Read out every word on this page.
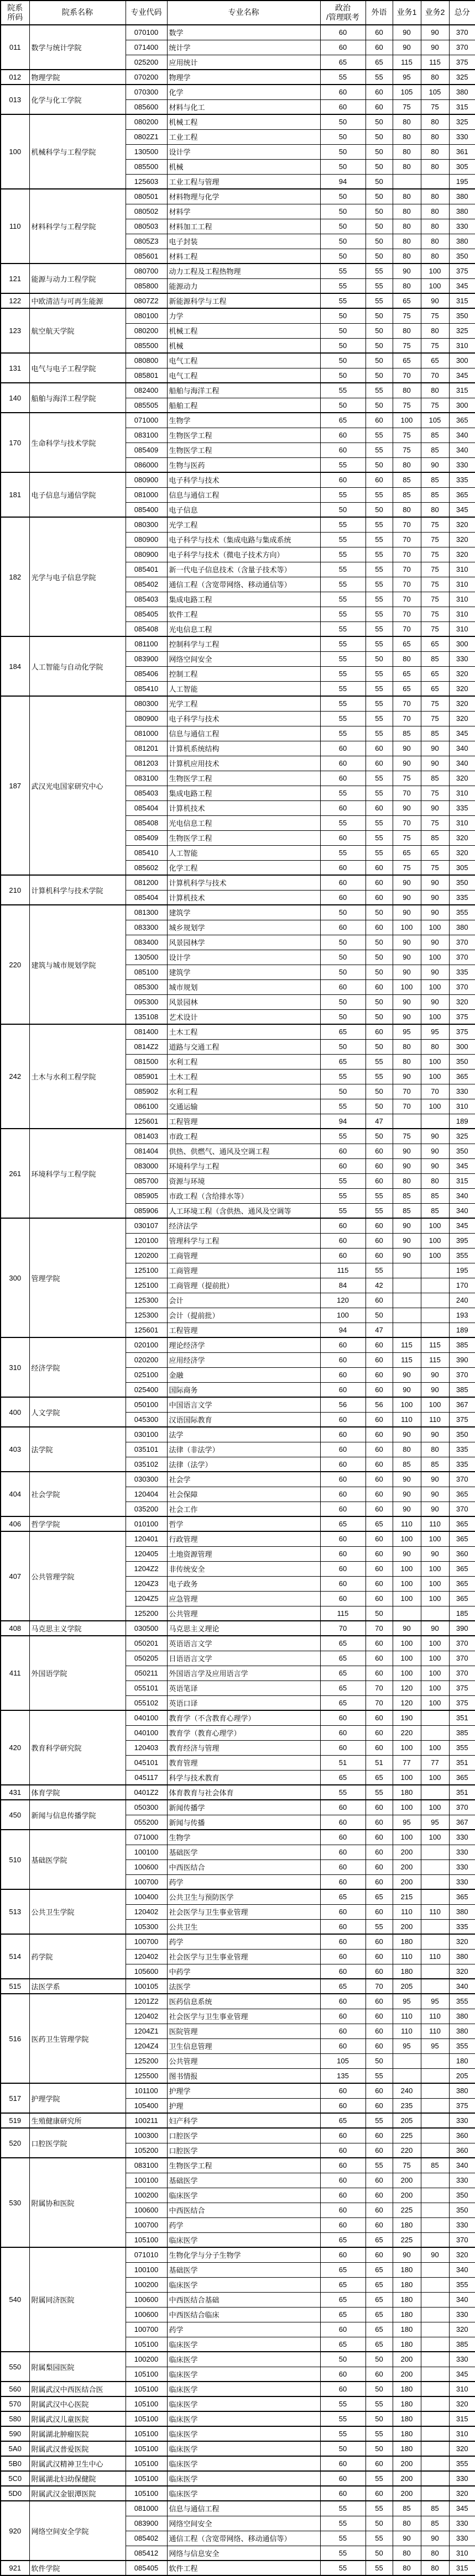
院系
所码	院系名称	专业代码	专业名称	政治
/管理联考	外语	业务1	业务2	总分
011	数学与统计学院	070100	数学	60	60	90	90	370
		071400	统计学	60	60	90	90	370
		025200	应用统计	65	65	115	115	375
012	物理学院	070200	物理学	55	55	95	80	325
013	化学与化工学院	070300	化学	60	60	105	105	380
		085600	材料与化工	60	60	75	75	315
100	机械科学与工程学院	080200	机械工程	50	50	80	80	325
		0802Z1	工业工程	50	50	80	80	330
		130500	设计学	50	50	80	80	361
		085500	机械	50	50	80	80	305
		125603	工业工程与管理	94	50			195
110	材料科学与工程学院	080501	材料物理与化学	50	50	80	80	380
		080502	材料学	50	50	80	80	380
		080503	材料加工工程	50	50	80	80	330
		0805Z3	电子封装	50	50	80	80	380
		085601	材料工程	50	50	80	80	350
121	能源与动力工程学院	080700	动力工程及工程热物理	55	55	90	100	375
		085800	能源动力	55	55	80	100	345
122	中欧清洁与可再生能源	0807Z2	新能源科学与工程	55	55	65	90	315
123	航空航天学院	080100	力学	50	50	75	75	350
		080200	机械工程	50	50	80	80	325
		085500	机械	50	50	75	75	310
131	电气与电子工程学院	080800	电气工程	50	50	65	65	300
		085801	电气工程	50	50	70	70	345
140	船舶与海洋工程学院	082400	船舶与海洋工程	55	55	80	80	315
		085505	船舶工程	50	50	75	75	300
170	生命科学与技术学院	071000	生物学	65	60	100	105	365
		083100	生物医学工程	60	55	75	85	340
		085409	生物医学工程	60	55	75	85	340
		086000	生物与医药	55	50	80	90	330
181	电子信息与通信学院	080900	电子科学与技术	60	60	85	85	335
		081000	信息与通信工程	55	55	85	85	365
		085400	电子信息	50	50	80	80	345
182	光学与电子信息学院	080300	光学工程	55	55	70	75	320
		080900	电子科学与技术（集成电路与集成系统	55	55	70	75	320
		080900	电子科学与技术（微电子技术方向）	55	55	70	75	320
		085401	新一代电子信息技术（含量子技术等）	55	55	70	75	310
		085402	通信工程（含宽带网络、移动通信等）	55	55	70	75	310
		085403	集成电路工程	55	55	70	75	310
		085405	软件工程	55	55	70	75	310
		085408	光电信息工程	55	55	70	75	310
184	人工智能与自动化学院	081100	控制科学与工程	55	55	65	65	300
		083900	网络空间安全	55	50	80	85	330
		085406	控制工程	55	55	65	65	320
		085410	人工智能	55	55	65	65	320
187	武汉光电国家研究中心	080300	光学工程	55	55	70	75	320
		080900	电子科学与技术	55	55	70	75	320
		081000	信息与通信工程	55	55	85	85	345
		081201	计算机系统结构	60	60	90	90	340
		081203	计算机应用技术	60	60	90	90	340
		083100	生物医学工程	60	55	75	85	320
		085403	集成电路工程	55	55	70	75	310
		085404	计算机技术	60	60	90	90	335
		085408	光电信息工程	55	55	70	75	310
		085409	生物医学工程	60	55	75	85	320
		085410	人工智能	55	55	65	65	320
		085602	化学工程	60	60	75	75	305
210	计算机科学与技术学院	081200	计算机科学与技术	60	60	90	90	350
		085404	计算机技术	60	60	90	90	335
220	建筑与城市规划学院	081300	建筑学	50	50	90	90	355
		083300	城乡规划学	60	60	100	100	380
		083400	风景园林学	50	50	90	90	370
		130500	设计学	50	50	90	100	370
		085100	建筑学	50	50	90	90	335
		085300	城市规划	60	60	100	100	370
		095300	风景园林	50	50	90	90	320
		135108	艺术设计	50	50	90	100	375
242	土木与水利工程学院	081400	土木工程	65	60	95	95	375
		0814Z2	道路与交通工程	50	50	80	80	300
		081500	水利工程	65	55	80	100	350
		085901	土木工程	55	55	90	100	365
		085902	水利工程	50	50	70	70	330
		086100	交通运输	55	50	70	100	310
		125601	工程管理	94	47			189
261	环境科学与工程学院	081403	市政工程	55	50	75	90	325
		081404	供热、供燃气、通风及空调工程	60	60	90	90	350
		083000	环境科学与工程	60	60	90	90	345
		085700	资源与环境	55	60	80	80	315
		085905	市政工程（含给排水等）	55	55	85	85	340
		085906	人工环境工程（含供热、通风及空调等	55	55	85	85	340
300	管理学院	030107	经济法学	60	60	90	100	345
		120100	管理科学与工程	60	60	90	100	395
		120200	工商管理	60	60	90	100	355
		125100	工商管理	115	55			195
		125100	工商管理（提前批）	84	42			170
		125300	会计	120	60			240
		125300	会计（提前批）	100	50			193
		125601	工程管理	94	47			189
310	经济学院	020100	理论经济学	60	60	115	115	385
		020200	应用经济学	60	60	115	115	390
		025100	金融	60	60	90	90	370
		025400	国际商务	60	60	90	90	385
400	人文学院	050100	中国语言文学	56	56	100	100	367
		045300	汉语国际教育	60	60	110	110	375
403	法学院	030100	法学	60	60	90	90	350
		035101	法律（非法学）	60	60	80	80	335
		035102	法律（法学）	60	60	85	85	335
404	社会学院	030300	社会学	60	60	90	90	370
		120404	社会保障	60	60	90	90	365
		035200	社会工作	60	60	90	90	370
406	哲学学院	010100	哲学	65	65	110	110	365
407	公共管理学院	120401	行政管理	60	60	100	100	365
		120405	土地资源管理	60	60	90	90	360
		1204Z2	非传统安全	60	60	100	100	365
		1204Z3	电子政务	60	60	100	100	365
		1204Z5	应急管理	60	60	100	100	365
		125200	公共管理	115	50			185
408	马克思主义学院	030500	马克思主义理论	70	70	90	90	390
411	外国语学院	050201	英语语言文学	65	60	100	100	370
		050205	日语语言文学	65	60	100	100	370
		050211	外国语言学及应用语言学	65	60	100	100	370
		055101	英语笔译	65	70	120	100	375
		055102	英语口译	65	70	120	100	375
420	教育科学研究院	040100	教育学（不含教育心理学）	60	60	190		351
		040100	教育学（教育心理学）	60	60	220		385
		120403	教育经济与管理	60	60	100	100	355
		045101	教育管理	51	51	77	77	351
		045117	科学与技术教育	65	65	100	100	365
431	体育学院	0401Z2	体育教育与社会体育	55	55	180		351
450	新闻与信息传播学院	050300	新闻传播学	60	60	100	100	370
		055200	新闻与传播	60	60	95	95	367
510	基础医学院	071000	生物学	60	60	100	100	330
		100100	基础医学	60	60	200		330
		100600	中西医结合	60	60	200		330
		100700	药学	60	60	200		330
513	公共卫生学院	100400	公共卫生与预防医学	65	65	215		365
		120402	社会医学与卫生事业管理	60	60	110	110	380
		105300	公共卫生	60	55	200		335
514	药学院	100700	药学	60	60	180		320
		120402	社会医学与卫生事业管理	60	60	110	110	380
		105600	中药学	60	60	180		320
515	法医学系	100105	法医学	65	70	205		340
516	医药卫生管理学院	1201Z2	医药信息系统	60	60	95	95	355
		120402	社会医学与卫生事业管理	60	60	110	110	380
		1204Z1	医院管理	60	60	110	110	380
		1204Z4	卫生信息管理	60	60	95	95	355
		125200	公共管理	105	50			180
		125500	图书情报	135	55			205
517	护理学院	101100	护理学	60	60	240		380
		105400	护理	60	60	235		375
519	生殖健康研究所	100211	妇产科学	65	55	205		330
520	口腔医学院	100300	口腔医学	60	60	225		360
		105200	口腔医学	60	60	220		360
530	附属协和医院	083100	生物医学工程	60	55	75	85	340
		100100	基础医学	60	60	200		330
		100200	临床医学	60	60	200		350
		100600	中西医结合	60	60	225		350
		100700	药学	60	60	180		330
		105100	临床医学	65	65	225		370
540	附属同济医院	071010	生物化学与分子生物学	60	60	90	90	320
		100100	基础医学	65	65	180		340
		100200	临床医学	65	65	180		355
		100600	中西医结合基础	65	65	180		340
		100600	中西医结合临床	65	65	180		330
		100700	药学	60	65	180		320
		105100	临床医学	65	65	180		385
550	附属梨园医院	100200	临床医学	50	50	200		330
		105100	临床医学	60	60	200		345
560	附属武汉中西医结合医	105100	临床医学	60	50	180		310
570	附属武汉中心医院	105100	临床医学	55	55	180		320
580	附属武汉儿童医院	105100	临床医学	55	50	180		315
590	附属湖北肿瘤医院	105100	临床医学	55	55	180		310
5A0	附属武汉普爱医院	105100	临床医学	50	50	180		320
5B0	附属武汉精神卫生中心	105100	临床医学	60	60	200		355
5C0	附属湖北妇幼保健院	105100	临床医学	60	55	200		330
5D0	附属武汉金银潭医院	105100	临床医学	60	60	200		320
920	网络空间安全学院	081000	信息与通信工程	55	55	85	85	345
		083900	网络空间安全	55	50	80	85	330
		085402	通信工程（含宽带网络、移动通信等）	55	55	90	90	330
		085412	网络与信息安全	55	50	80	80	310
921	软件学院	085405	软件工程	55	55	80	80	315
